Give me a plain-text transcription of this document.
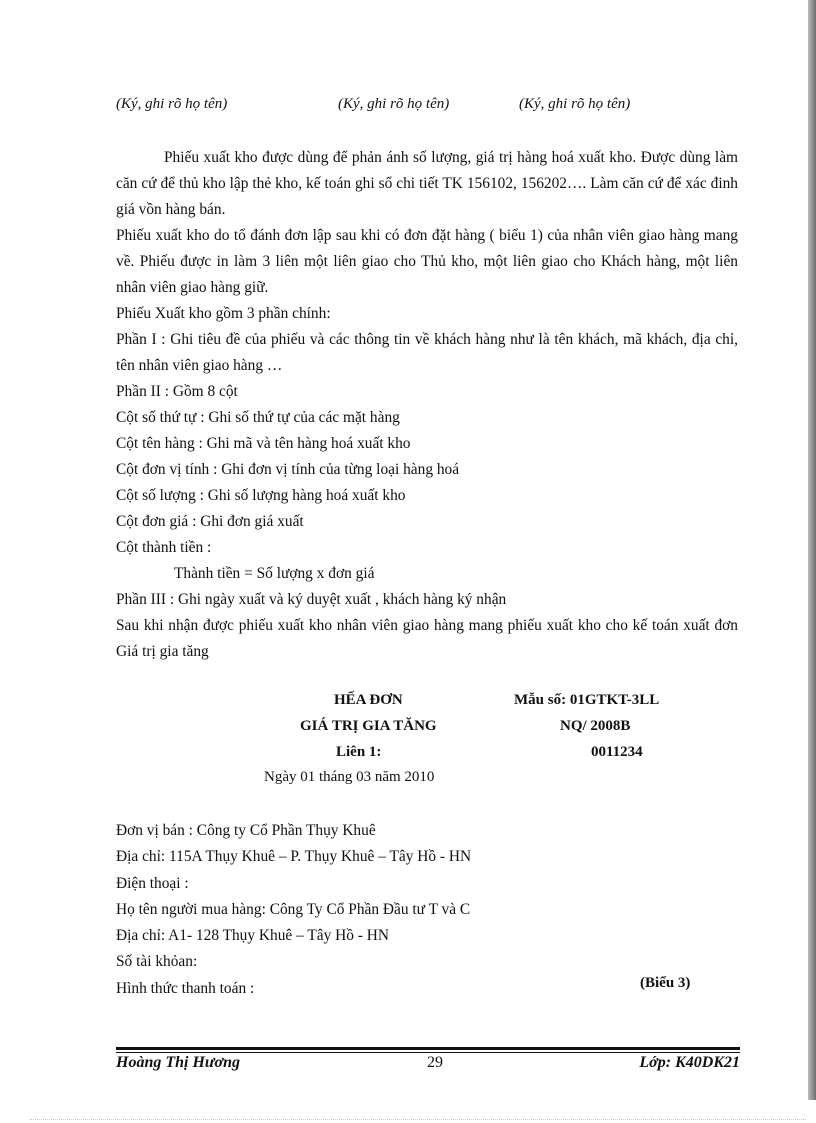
(Ký, ghi rõ họ tên)	(Ký, ghi rõ họ tên)	(Ký, ghi rõ họ tên)

Phiếu xuất kho được dùng để phản ánh số lượng, giá trị hàng hoá xuất kho. Được dùng làm căn cứ để thủ kho lập thẻ kho, kế toán ghi sổ chi tiết TK 156102, 156202…. Làm căn cứ để xác đinh giá vồn hàng bán.

Phiếu xuất kho do tổ đánh đơn lập sau khi có đơn đặt hàng ( biểu 1) của nhân viên giao hàng mang về. Phiếu được in làm 3 liên một liên giao cho Thủ kho, một liên giao cho Khách hàng, một liên nhân viên giao hàng giữ.

Phiếu Xuất kho gồm 3 phần chính:

Phần I : Ghi tiêu đề của phiếu và các thông tin về khách hàng như là tên khách, mã khách, địa chỉ, tên nhân viên giao hàng …

Phần II : Gồm 8 cột

Cột số thứ tự : Ghi số thứ tự của các mặt hàng

Cột tên hàng : Ghi mã và tên hàng hoá xuất kho

Cột đơn vị tính : Ghi đơn vị tính của từng loại hàng hoá

Cột số lượng : Ghi số lượng hàng hoá xuất kho

Cột đơn giá : Ghi đơn giá xuất

Cột thành tiền :

Thành tiền = Số lượng x đơn giá

Phần III : Ghi ngày xuất và ký duyệt xuất , khách hàng ký nhận

Sau khi nhận được phiếu xuất kho nhân viên giao hàng mang phiếu xuất kho cho kế toán xuất đơn Giá trị gia tăng

HẾA ĐƠN
GIÁ TRỊ GIA TĂNG
Liên 1:
Ngày 01 tháng 03 năm 2010
Mẫu số: 01GTKT-3LL
NQ/ 2008B
0011234
Đơn vị bán : Công ty Cổ Phần Thụy Khuê
Địa chỉ: 115A Thụy Khuê – P. Thụy Khuê – Tây Hồ - HN
Điện thoại :
Họ tên người mua hàng: Công Ty Cổ Phần Đầu tư T và C
Địa chỉ: A1- 128 Thụy Khuê – Tây Hồ - HN
Số tài khỏan:
Hình thức thanh toán :	(Biểu 3)
Hoàng Thị Hương	29	Lớp: K40DK21
